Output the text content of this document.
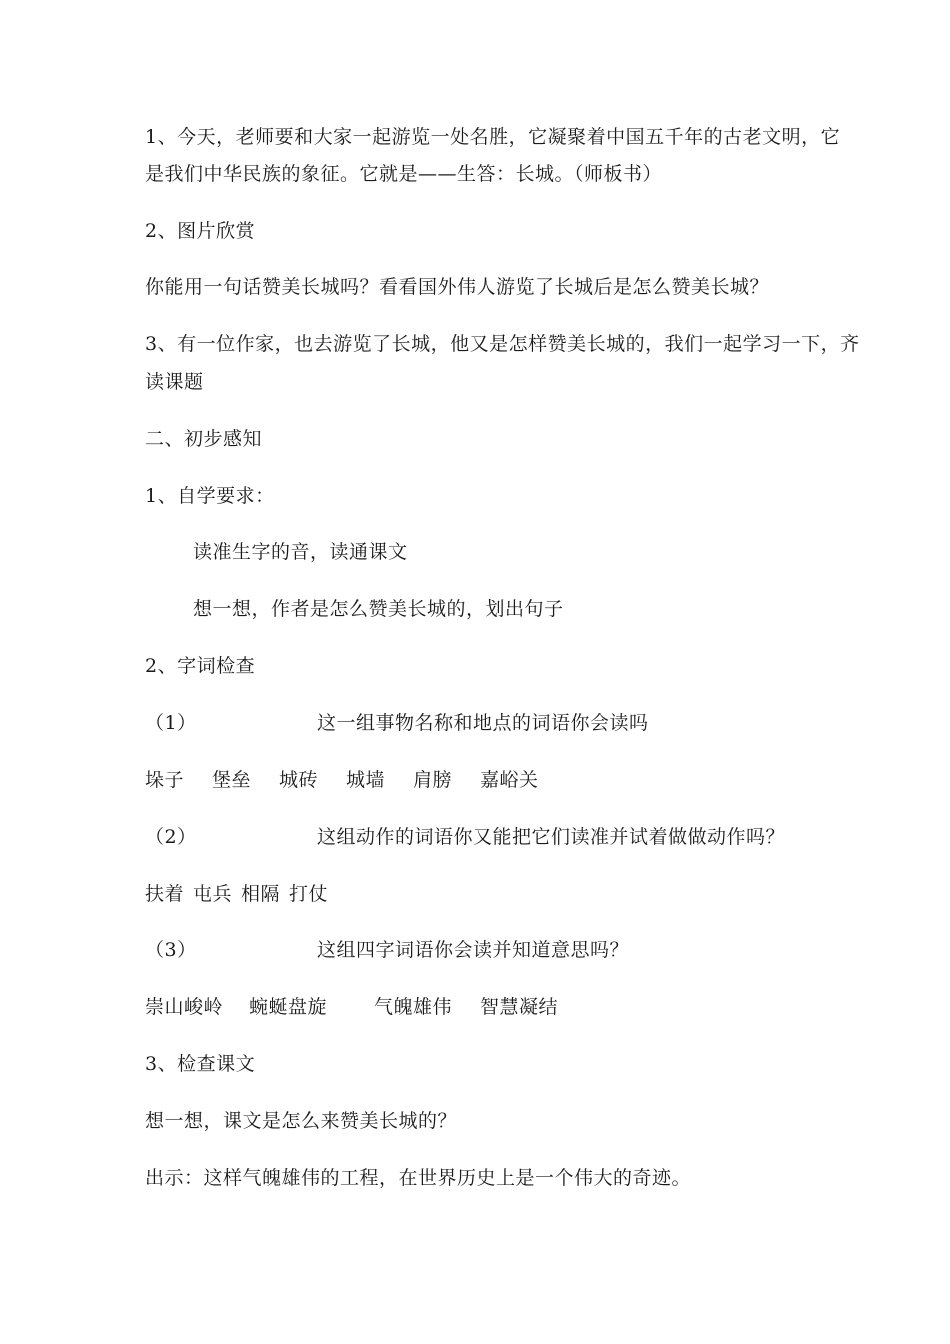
1、今天，老师要和大家一起游览一处名胜，它凝聚着中国五千年的古老文明，它
是我们中华民族的象征。它就是——生答：长城。（师板书）
2、图片欣赏
你能用一句话赞美长城吗？看看国外伟人游览了长城后是怎么赞美长城？
3、有一位作家，也去游览了长城，他又是怎样赞美长城的，我们一起学习一下，齐
读课题
二、初步感知
1、自学要求：
读准生字的音，读通课文
想一想，作者是怎么赞美长城的，划出句子
2、字词检查
（1）	这一组事物名称和地点的词语你会读吗
垛子 堡垒 城砖 城墙 肩膀 嘉峪关
（2）	这组动作的词语你又能把它们读准并试着做做动作吗？
扶着 屯兵 相隔 打仗
（3）	这组四字词语你会读并知道意思吗？
崇山峻岭 蜿蜒盘旋 气魄雄伟 智慧凝结
3、检查课文
想一想，课文是怎么来赞美长城的？
出示：这样气魄雄伟的工程，在世界历史上是一个伟大的奇迹。
